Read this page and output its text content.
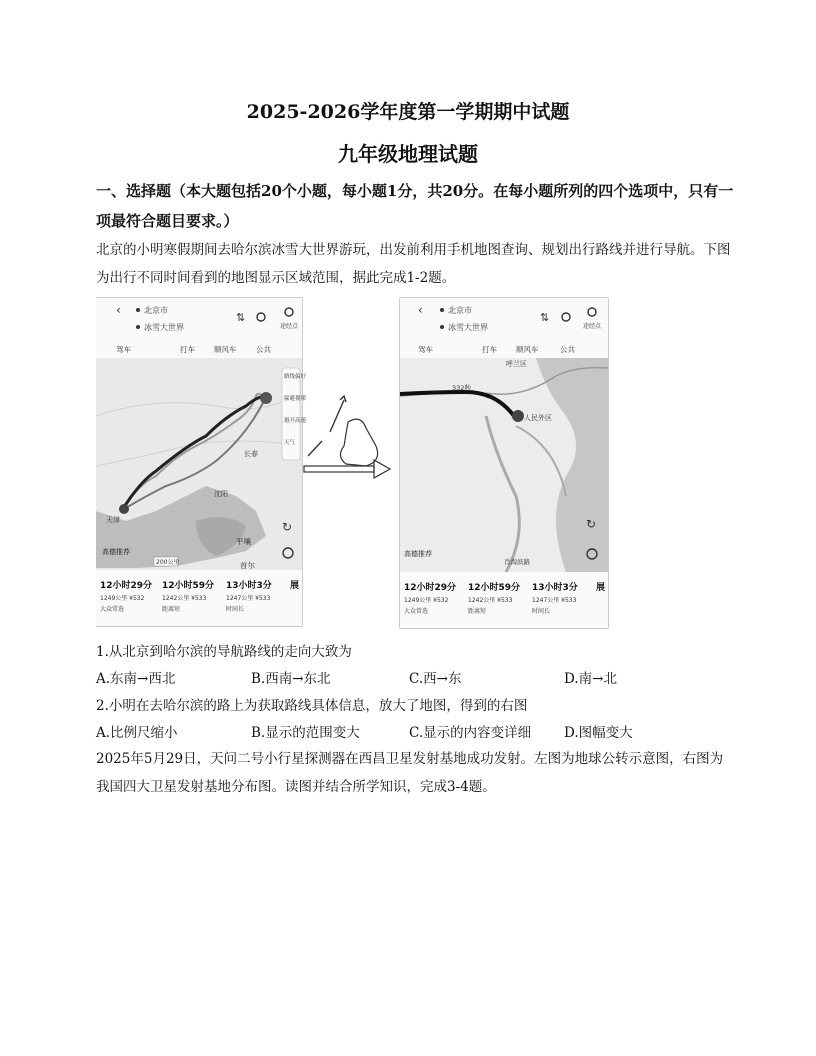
2025-2026学年度第一学期期中试题
九年级地理试题
一、选择题（本大题包括20个小题，每小题1分，共20分。在每小题所列的四个选项中，只有一项最符合题目要求。）
北京的小明寒假期间去哈尔滨冰雪大世界游玩，出发前利用手机地图查询、规划出行路线并进行导航。下图为出行不同时间看到的地图显示区域范围，据此完成1-2题。
‹	北京市
冰雪大世界
⇅
途经点
驾车	打车	顺风车	公共
长春
沈阳
天津
平壤
首尔
路线偏好
躲避拥堵
避开高速
天气
↻
高德推荐
200公里
12小时29分
1249公里 ¥532
大众常选
12小时59分
1242公里 ¥533
距离短
13小时3分
1247公里 ¥533
时间长
展
‹	北京市
冰雪大世界
⇅
途经点
驾车	打车	顺风车	公共
呼兰区
332秒
人民外区
肖淘滨路
↻
高德推荐
12小时29分
1249公里 ¥532
大众常选
12小时59分
1242公里 ¥533
距离短
13小时3分
1247公里 ¥533
时间长
展
1.从北京到哈尔滨的导航路线的走向大致为
A.东南→西北	B.西南→东北	C.西→东	D.南→北
2.小明在去哈尔滨的路上为获取路线具体信息，放大了地图，得到的右图
A.比例尺缩小	B.显示的范围变大	C.显示的内容变详细 D.图幅变大
2025年5月29日，天问二号小行星探测器在西昌卫星发射基地成功发射。左图为地球公转示意图，右图为我国四大卫星发射基地分布图。读图并结合所学知识，完成3-4题。
